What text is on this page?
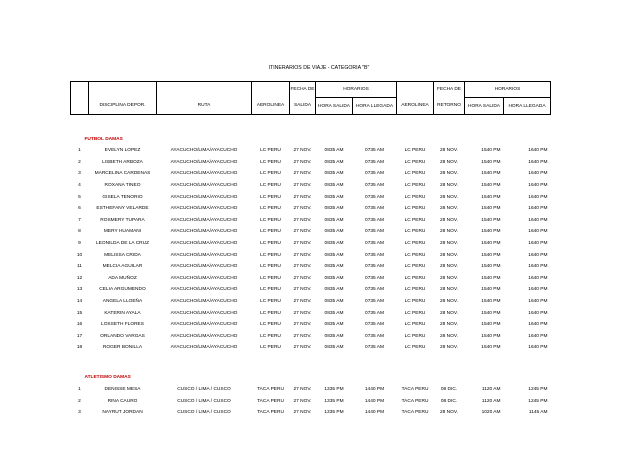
ITINERARIOS DE VIAJE - CATEGORIA "B"
				FECHA DE	HORARIOS			FECHA DE	HORARIOS	
	DISCIPLINA DEPOR.	RUTA	AEROLINEA	SALIDA	HORA SALIDA	HORA LLEGADA	AEROLINEA	RETORNO	HORA SALIDA	HORA LLEGADA

FUTBOL DAMAS										
1	EVELYN LOPEZ	AYACUCHO/LIMA/AYACUCHO	LC PERU	27 NOV.	0835 AM	0735 AM	LC PERU	28 NOV.	1540 PM	1640 PM
2	LISBETH ARBOZA	AYACUCHO/LIMA/AYACUCHO	LC PERU	27 NOV.	0835 AM	0735 AM	LC PERU	28 NOV.	1540 PM	1640 PM
3	MARCELINA CARDENAS	AYACUCHO/LIMA/AYACUCHO	LC PERU	27 NOV.	0835 AM	0735 AM	LC PERU	28 NOV.	1540 PM	1640 PM
4	ROXANA TINEO	AYACUCHO/LIMA/AYACUCHO	LC PERU	27 NOV.	0835 AM	0735 AM	LC PERU	28 NOV.	1540 PM	1640 PM
5	GISELA TENORIO	AYACUCHO/LIMA/AYACUCHO	LC PERU	27 NOV.	0835 AM	0735 AM	LC PERU	28 NOV.	1540 PM	1640 PM
6	ESTHEFANY VELARDE	AYACUCHO/LIMA/AYACUCHO	LC PERU	27 NOV.	0835 AM	0735 AM	LC PERU	28 NOV.	1540 PM	1640 PM
7	ROSMERY TUPARA	AYACUCHO/LIMA/AYACUCHO	LC PERU	27 NOV.	0835 AM	0735 AM	LC PERU	28 NOV.	1540 PM	1640 PM
8	MERY HUAMANI	AYACUCHO/LIMA/AYACUCHO	LC PERU	27 NOV.	0835 AM	0735 AM	LC PERU	28 NOV.	1540 PM	1640 PM
9	LEONILDA DE LA CRUZ	AYACUCHO/LIMA/AYACUCHO	LC PERU	27 NOV.	0835 AM	0735 AM	LC PERU	28 NOV.	1540 PM	1640 PM
10	MELISSA CRIDA	AYACUCHO/LIMA/AYACUCHO	LC PERU	27 NOV.	0835 AM	0735 AM	LC PERU	28 NOV.	1540 PM	1640 PM
11	MELCIA AGUILAR	AYACUCHO/LIMA/AYACUCHO	LC PERU	27 NOV.	0835 AM	0735 AM	LC PERU	28 NOV.	1540 PM	1640 PM
12	ADA MUÑOZ	AYACUCHO/LIMA/AYACUCHO	LC PERU	27 NOV.	0835 AM	0735 AM	LC PERU	28 NOV.	1540 PM	1640 PM
13	CELIA ARGUMENDO	AYACUCHO/LIMA/AYACUCHO	LC PERU	27 NOV.	0835 AM	0735 AM	LC PERU	28 NOV.	1540 PM	1640 PM
14	ANGELA LLOEÑA	AYACUCHO/LIMA/AYACUCHO	LC PERU	27 NOV.	0835 AM	0735 AM	LC PERU	28 NOV.	1540 PM	1640 PM
15	KATERIN AYALA	AYACUCHO/LIMA/AYACUCHO	LC PERU	27 NOV.	0835 AM	0735 AM	LC PERU	28 NOV.	1540 PM	1640 PM
16	LOSSETH FLORES	AYACUCHO/LIMA/AYACUCHO	LC PERU	27 NOV.	0835 AM	0735 AM	LC PERU	28 NOV.	1540 PM	1640 PM
17	ORLANDO VARGAS	AYACUCHO/LIMA/AYACUCHO	LC PERU	27 NOV.	0835 AM	0735 AM	LC PERU	28 NOV.	1540 PM	1640 PM
18	ROGER BONILLA	AYACUCHO/LIMA/AYACUCHO	LC PERU	27 NOV.	0835 AM	0735 AM	LC PERU	28 NOV.	1540 PM	1640 PM

ATLETISMO DAMAS										
1	DENISSE MESA	CUSCO / LIMA / CUSCO	TACA PERU	27 NOV.	1335 PM	1440 PM	TACA PERU	08 DIC.	1120 AM	1245 PM
2	RINA CAURO	CUSCO / LIMA / CUSCO	TACA PERU	27 NOV.	1335 PM	1440 PM	TACA PERU	08 DIC.	1120 AM	1245 PM
3	NAYRUT JORDAN	CUSCO / LIMA / CUSCO	TACA PERU	27 NOV.	1335 PM	1440 PM	TACA PERU	28 NOV.	1020 AM	1145 AM
